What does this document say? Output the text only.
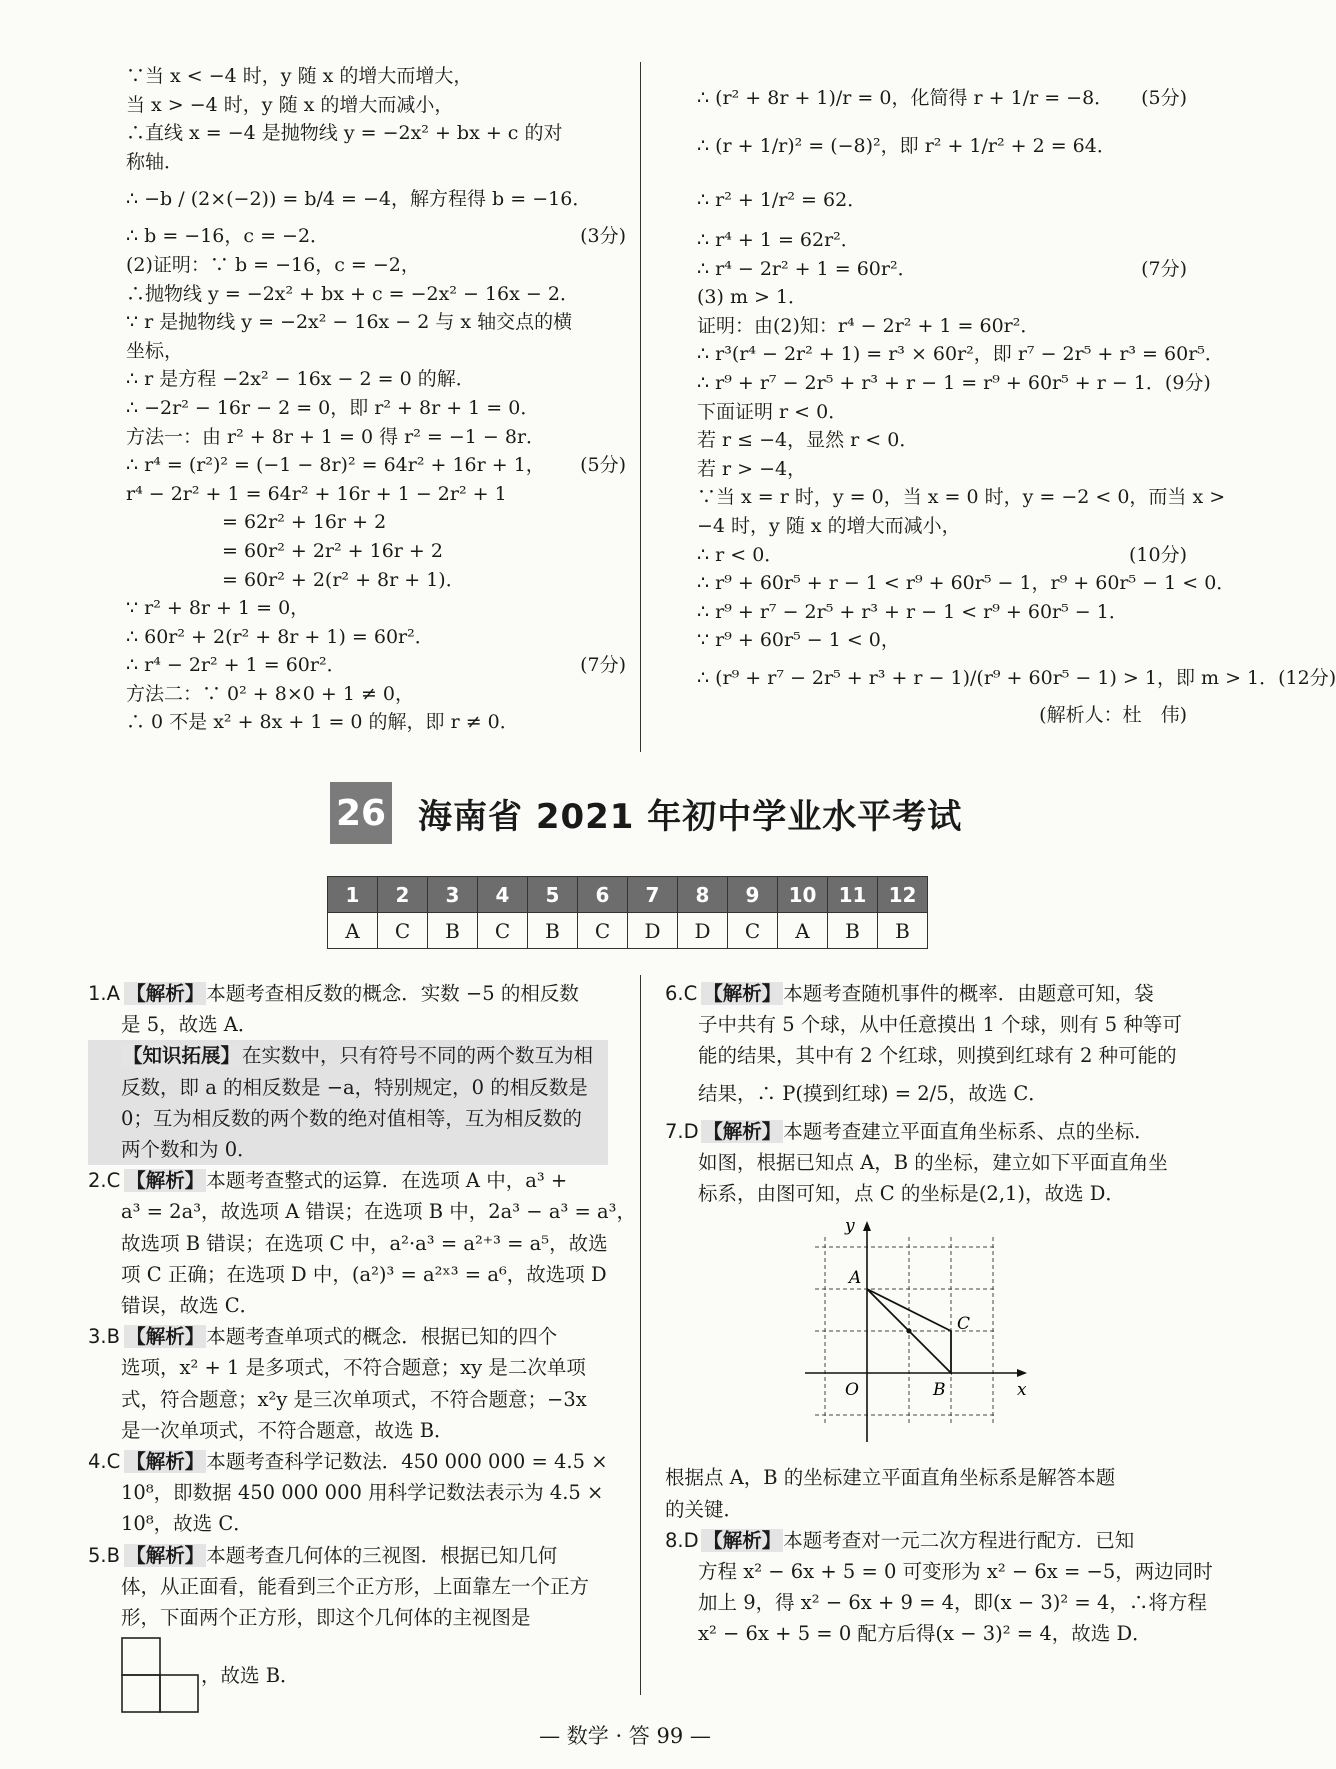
∵当 x < −4 时，y 随 x 的增大而增大，

当 x > −4 时，y 随 x 的增大而减小，

∴直线 x = −4 是抛物线 y = −2x² + bx + c 的对

称轴．

∴ −b / (2×(−2)) = b/4 = −4，解方程得 b = −16．

∴ b = −16，c = −2．	(3分)

(2)证明：∵ b = −16，c = −2，

∴抛物线 y = −2x² + bx + c = −2x² − 16x − 2．

∵ r 是抛物线 y = −2x² − 16x − 2 与 x 轴交点的横

坐标，

∴ r 是方程 −2x² − 16x − 2 = 0 的解．

∴ −2r² − 16r − 2 = 0，即 r² + 8r + 1 = 0．

方法一：由 r² + 8r + 1 = 0 得 r² = −1 − 8r．

∴ r⁴ = (r²)² = (−1 − 8r)² = 64r² + 16r + 1， (5分)

r⁴ − 2r² + 1 = 64r² + 16r + 1 − 2r² + 1

= 62r² + 16r + 2

= 60r² + 2r² + 16r + 2

= 60r² + 2(r² + 8r + 1)．

∵ r² + 8r + 1 = 0，

∴ 60r² + 2(r² + 8r + 1) = 60r²．

∴ r⁴ − 2r² + 1 = 60r²．	(7分)

方法二：∵ 0² + 8×0 + 1 ≠ 0，

∴ 0 不是 x² + 8x + 1 = 0 的解，即 r ≠ 0．

∴ (r² + 8r + 1)/r = 0，化简得 r + 1/r = −8． (5分)

∴ (r + 1/r)² = (−8)²，即 r² + 1/r² + 2 = 64．

∴ r² + 1/r² = 62．

∴ r⁴ + 1 = 62r²．

∴ r⁴ − 2r² + 1 = 60r²．	(7分)

(3) m > 1．

证明：由(2)知：r⁴ − 2r² + 1 = 60r²．

∴ r³(r⁴ − 2r² + 1) = r³ × 60r²，即 r⁷ − 2r⁵ + r³ = 60r⁵．

∴ r⁹ + r⁷ − 2r⁵ + r³ + r − 1 = r⁹ + 60r⁵ + r − 1． (9分)

下面证明 r < 0．

若 r ≤ −4，显然 r < 0．

若 r > −4，

∵当 x = r 时，y = 0，当 x = 0 时，y = −2 < 0，而当 x >

−4 时，y 随 x 的增大而减小，

∴ r < 0．	(10分)

∴ r⁹ + 60r⁵ + r − 1 < r⁹ + 60r⁵ − 1，r⁹ + 60r⁵ − 1 < 0．

∴ r⁹ + r⁷ − 2r⁵ + r³ + r − 1 < r⁹ + 60r⁵ − 1．

∵ r⁹ + 60r⁵ − 1 < 0，

∴ (r⁹ + r⁷ − 2r⁵ + r³ + r − 1)/(r⁹ + 60r⁵ − 1) > 1，即 m > 1． (12分)

(解析人：杜　伟)

26 海南省 2021 年初中学业水平考试
1	2	3	4	5	6	7	8	9	10	11	12
A	C	B	C	B	C	D	D	C	A	B	B

1.A 【解析】 本题考查相反数的概念．实数 −5 的相反数

是 5，故选 A．

【知识拓展】 在实数中，只有符号不同的两个数互为相

反数，即 a 的相反数是 −a，特别规定，0 的相反数是

0；互为相反数的两个数的绝对值相等，互为相反数的

两个数和为 0．

2.C 【解析】 本题考查整式的运算．在选项 A 中，a³ +

a³ = 2a³，故选项 A 错误；在选项 B 中，2a³ − a³ = a³，

故选项 B 错误；在选项 C 中，a²·a³ = a²⁺³ = a⁵，故选

项 C 正确；在选项 D 中，(a²)³ = a²ˣ³ = a⁶，故选项 D

错误，故选 C．

3.B 【解析】 本题考查单项式的概念．根据已知的四个

选项，x² + 1 是多项式，不符合题意；xy 是二次单项

式，符合题意；x²y 是三次单项式，不符合题意；−3x

是一次单项式，不符合题意，故选 B．

4.C 【解析】 本题考查科学记数法．450 000 000 = 4.5 ×

10⁸，即数据 450 000 000 用科学记数法表示为 4.5 ×

10⁸，故选 C．

5.B 【解析】 本题考查几何体的三视图．根据已知几何

体，从正面看，能看到三个正方形，上面靠左一个正方

形，下面两个正方形，即这个几何体的主视图是

，故选 B．

6.C 【解析】 本题考查随机事件的概率．由题意可知，袋

子中共有 5 个球，从中任意摸出 1 个球，则有 5 种等可

能的结果，其中有 2 个红球，则摸到红球有 2 种可能的

结果，∴ P(摸到红球) = 2/5，故选 C．

7.D 【解析】 本题考查建立平面直角坐标系、点的坐标．

如图，根据已知点 A，B 的坐标，建立如下平面直角坐

标系，由图可知，点 C 的坐标是(2,1)，故选 D．

y
x
O
A
B
C

根据点 A，B 的坐标建立平面直角坐标系是解答本题

的关键．

8.D 【解析】 本题考查对一元二次方程进行配方．已知

方程 x² − 6x + 5 = 0 可变形为 x² − 6x = −5，两边同时

加上 9，得 x² − 6x + 9 = 4，即(x − 3)² = 4，∴将方程

x² − 6x + 5 = 0 配方后得(x − 3)² = 4，故选 D．

— 数学 · 答 99 —
